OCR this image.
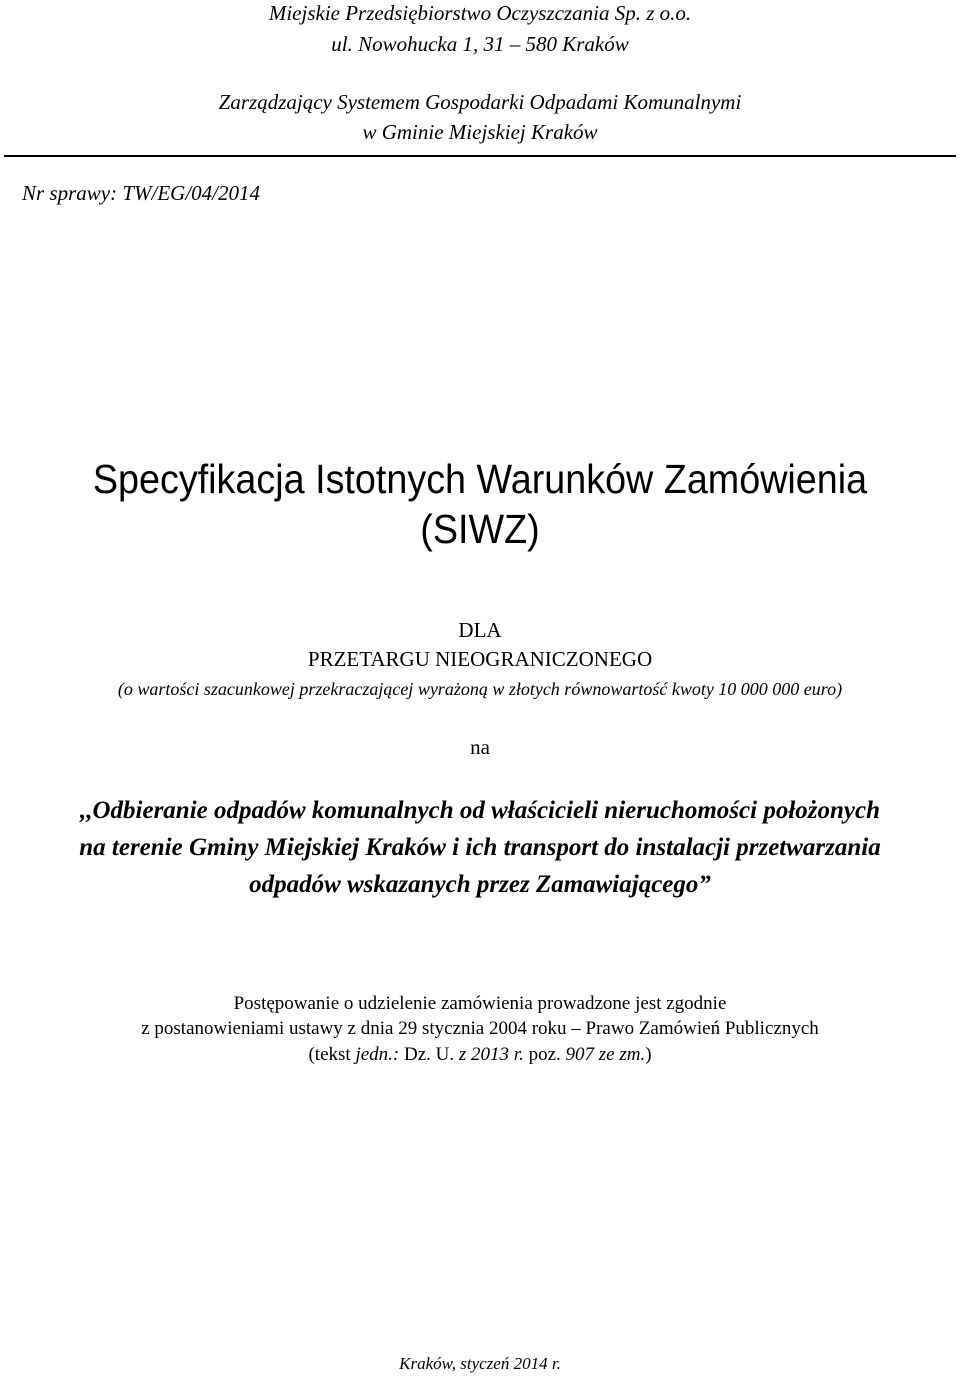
Miejskie Przedsiębiorstwo Oczyszczania Sp. z o.o.
ul. Nowohucka 1, 31 – 580 Kraków
Zarządzający Systemem Gospodarki Odpadami Komunalnymi
w Gminie Miejskiej Kraków
Nr sprawy: TW/EG/04/2014
Specyfikacja Istotnych Warunków Zamówienia
(SIWZ)
DLA
PRZETARGU NIEOGRANICZONEGO
(o wartości szacunkowej przekraczającej wyrażoną w złotych równowartość kwoty 10 000 000 euro)
na
,,Odbieranie odpadów komunalnych od właścicieli nieruchomości położonych
na terenie Gminy Miejskiej Kraków i ich transport do instalacji przetwarzania
odpadów wskazanych przez Zamawiającego”
Postępowanie o udzielenie zamówienia prowadzone jest zgodnie
z postanowieniami ustawy z dnia 29 stycznia 2004 roku – Prawo Zamówień Publicznych
(tekst jedn.: Dz. U. z 2013 r. poz. 907 ze zm.)
Kraków, styczeń 2014 r.
